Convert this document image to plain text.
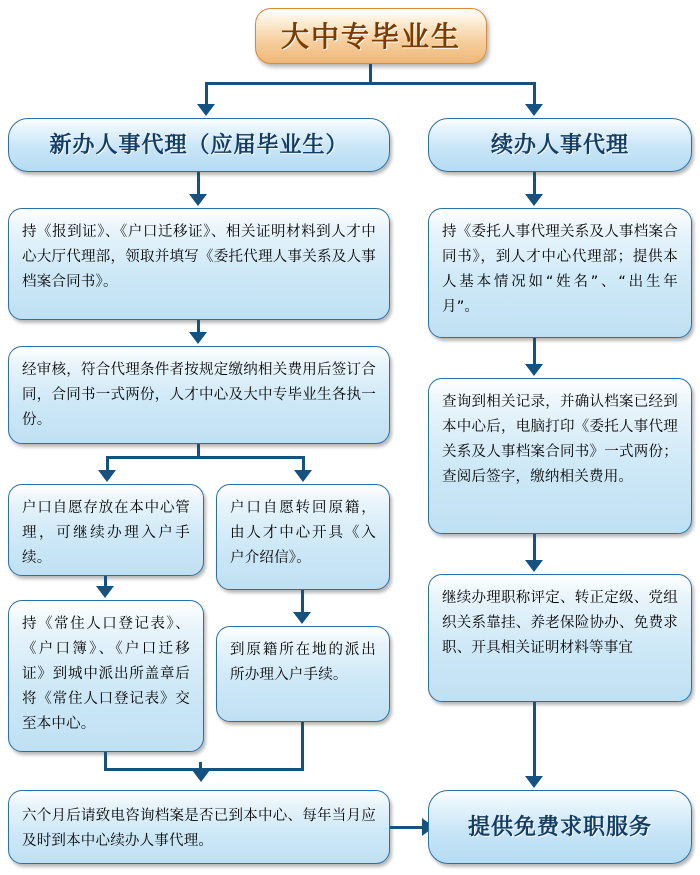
大中专毕业生
新办人事代理（应届毕业生）	续办人事代理
持《报到证》、《户口迁移证》、相关证明材料到人才中心大厅代理部，领取并填写《委托代理人事关系及人事档案合同书》。
经审核，符合代理条件者按规定缴纳相关费用后签订合同，合同书一式两份，人才中心及大中专毕业生各执一份。
户口自愿存放在本中心管理，可继续办理入户手续。
户口自愿转回原籍，由人才中心开具《入户介绍信》。
持《常住人口登记表》、《户口簿》、《户口迁移证》到城中派出所盖章后将《常住人口登记表》交至本中心。
到原籍所在地的派出所办理入户手续。
六个月后请致电咨询档案是否已到本中心、每年当月应及时到本中心续办人事代理。
持《委托人事代理关系及人事档案合同书》，到人才中心代理部；提供本人基本情况如“姓名”、“出生年月”。
查询到相关记录，并确认档案已经到本中心后，电脑打印《委托人事代理关系及人事档案合同书》一式两份；查阅后签字，缴纳相关费用。
继续办理职称评定、转正定级、党组织关系靠挂、养老保险协办、免费求职、开具相关证明材料等事宜
提供免费求职服务
